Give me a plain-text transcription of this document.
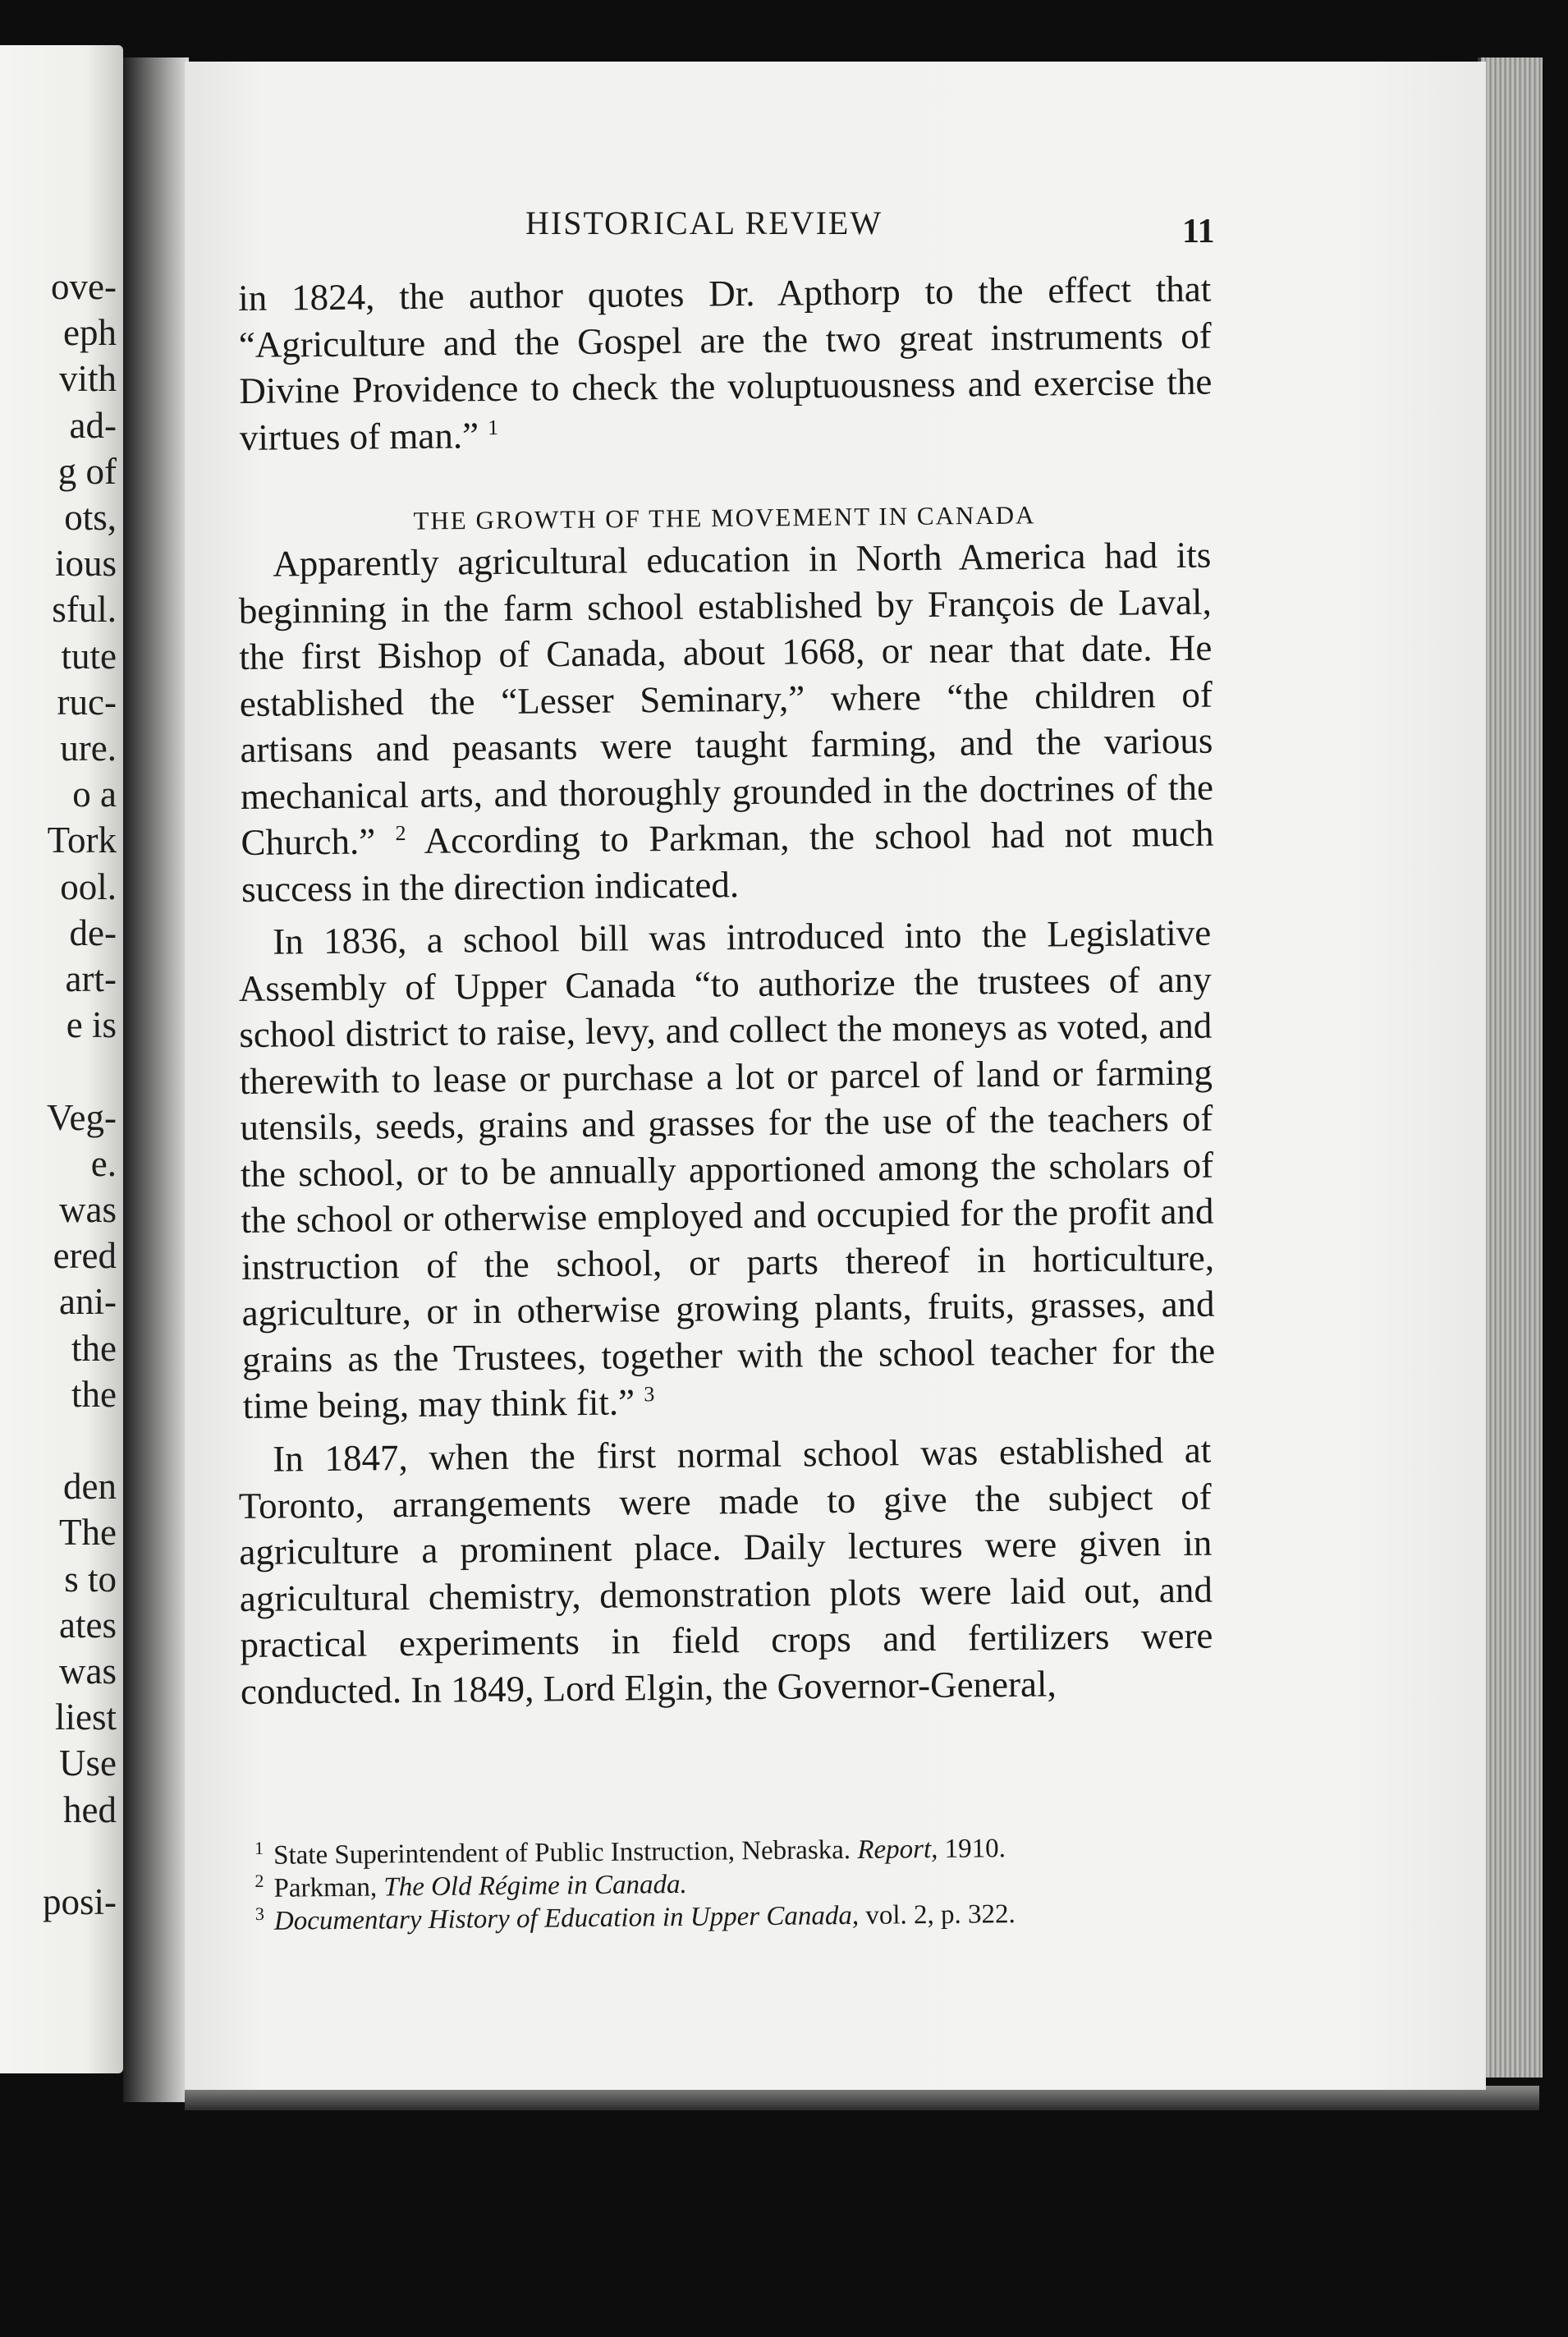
ove-
eph
vith
ad-
g of
ots,
ious
sful.
tute
ruc-
ure.
o a
Tork
ool.
de-
art-
e is
Veg-
e.
was
ered
ani-
the
the
den
The
s to
ates
was
liest
Use
hed
posi-
HISTORICAL REVIEW	11

in 1824, the author quotes Dr. Apthorp to the effect that “Agriculture and the Gospel are the two great instruments of Divine Providence to check the voluptuousness and exercise the virtues of man.” $^1$

THE GROWTH OF THE MOVEMENT IN CANADA

Apparently agricultural education in North America had its beginning in the farm school established by François de Laval, the first Bishop of Canada, about 1668, or near that date. He established the “Lesser Seminary,” where “the children of artisans and peasants were taught farming, and the various mechanical arts, and thoroughly grounded in the doctrines of the Church.” $^2$ According to Parkman, the school had not much success in the direction indicated.

In 1836, a school bill was introduced into the Legislative Assembly of Upper Canada “to authorize the trustees of any school district to raise, levy, and collect the moneys as voted, and therewith to lease or purchase a lot or parcel of land or farming utensils, seeds, grains and grasses for the use of the teachers of the school, or to be annually apportioned among the scholars of the school or otherwise employed and occupied for the profit and instruction of the school, or parts thereof in horticulture, agriculture, or in otherwise growing plants, fruits, grasses, and grains as the Trustees, together with the school teacher for the time being, may think fit.” $^3$

In 1847, when the first normal school was established at Toronto, arrangements were made to give the subject of agriculture a prominent place. Daily lectures were given in agricultural chemistry, demonstration plots were laid out, and practical experiments in field crops and fertilizers were conducted. In 1849, Lord Elgin, the Governor-General,

$^1$ State Superintendent of Public Instruction, Nebraska. Report, 1910.
$^2$ Parkman, The Old Régime in Canada.
$^3$ Documentary History of Education in Upper Canada, vol. 2, p. 322.
